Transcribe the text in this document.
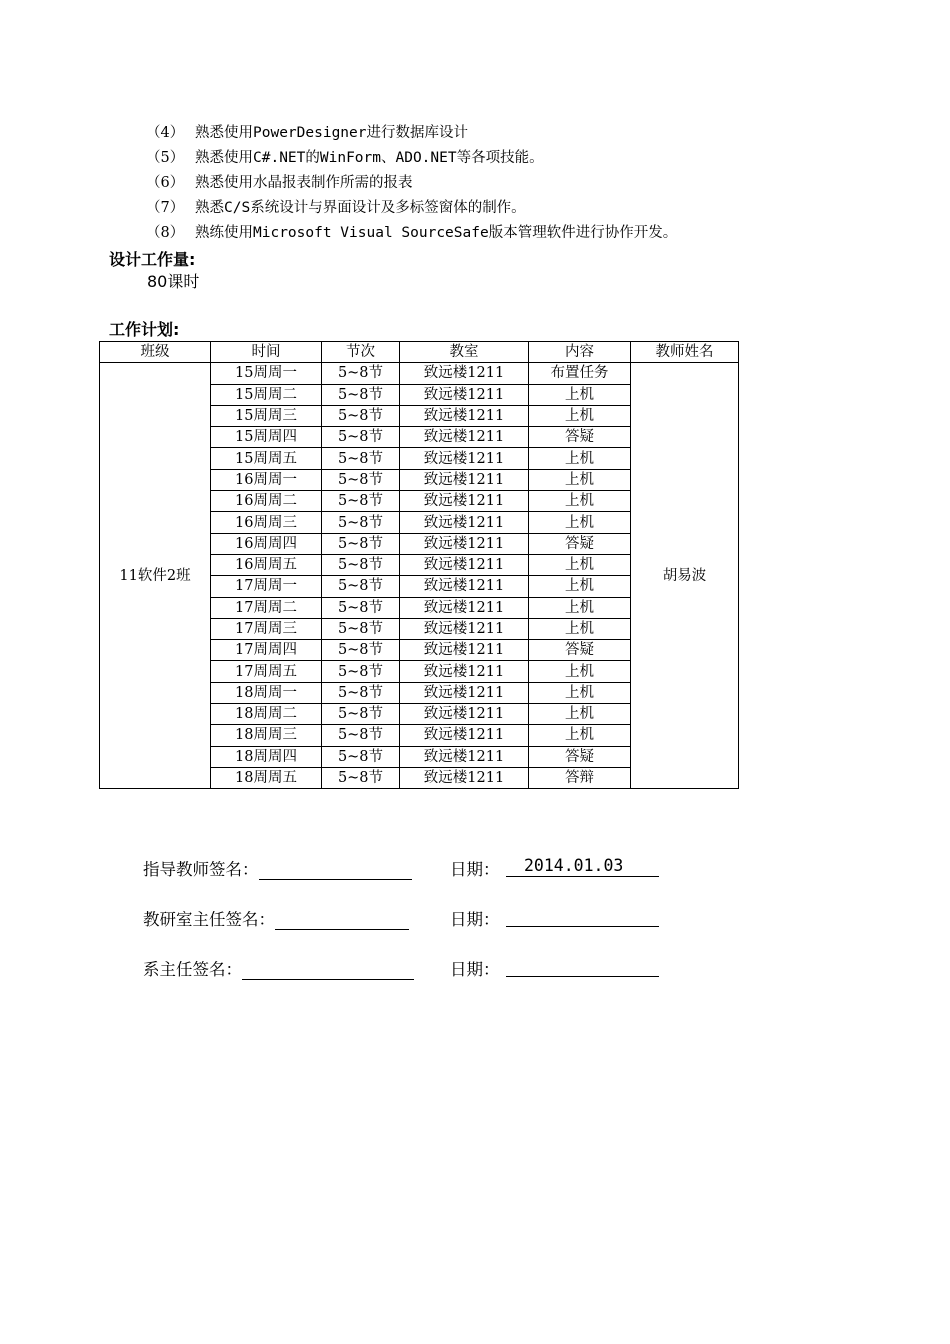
（4） 熟悉使用PowerDesigner进行数据库设计
（5） 熟悉使用C#.NET的WinForm、ADO.NET等各项技能。
（6） 熟悉使用水晶报表制作所需的报表
（7） 熟悉C/S系统设计与界面设计及多标签窗体的制作。
（8） 熟练使用Microsoft Visual SourceSafe版本管理软件进行协作开发。
设计工作量:
80课时
工作计划:
班级	时间	节次	教室	内容	教师姓名
11软件2班	15周周一	5~8节	致远楼1211	布置任务	胡易波
	15周周二	5~8节	致远楼1211	上机	
	15周周三	5~8节	致远楼1211	上机	
	15周周四	5~8节	致远楼1211	答疑	
	15周周五	5~8节	致远楼1211	上机	
	16周周一	5~8节	致远楼1211	上机	
	16周周二	5~8节	致远楼1211	上机	
	16周周三	5~8节	致远楼1211	上机	
	16周周四	5~8节	致远楼1211	答疑	
	16周周五	5~8节	致远楼1211	上机	
	17周周一	5~8节	致远楼1211	上机	
	17周周二	5~8节	致远楼1211	上机	
	17周周三	5~8节	致远楼1211	上机	
	17周周四	5~8节	致远楼1211	答疑	
	17周周五	5~8节	致远楼1211	上机	
	18周周一	5~8节	致远楼1211	上机	
	18周周二	5~8节	致远楼1211	上机	
	18周周三	5~8节	致远楼1211	上机	
	18周周四	5~8节	致远楼1211	答疑	
	18周周五	5~8节	致远楼1211	答辩	
指导教师签名：	日期：	2014.01.03
教研室主任签名：	日期：
系主任签名：	日期：
